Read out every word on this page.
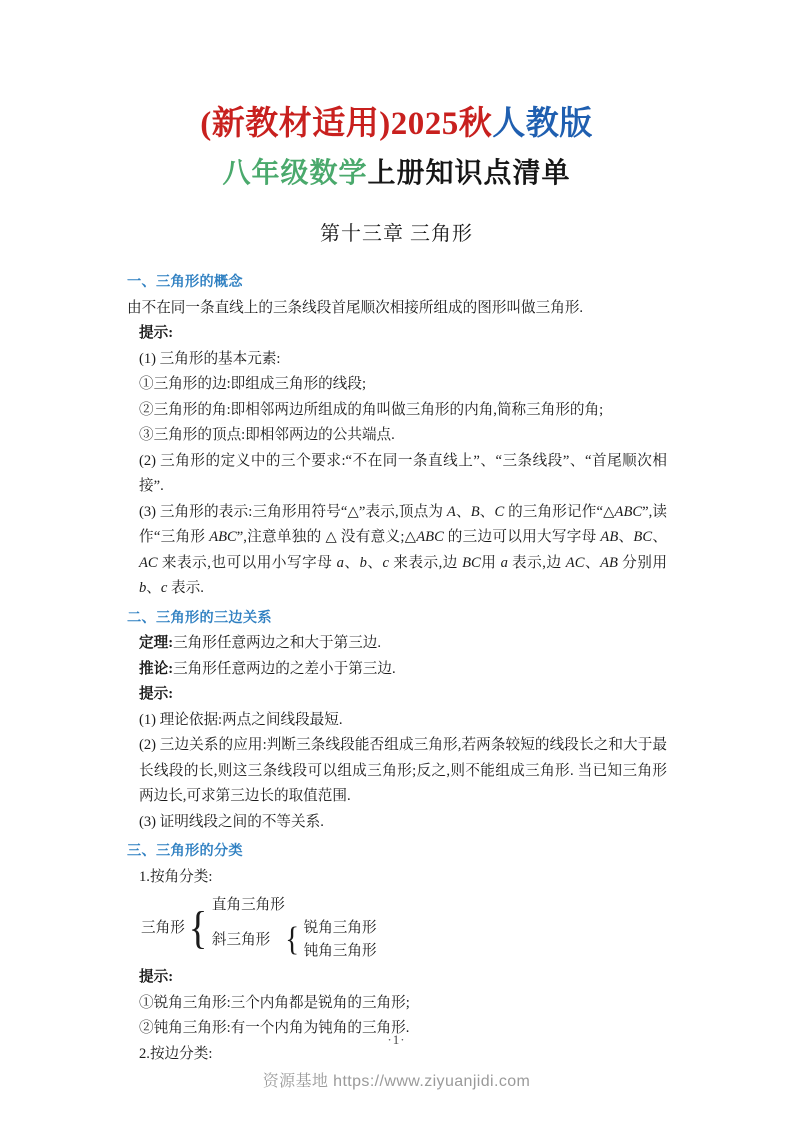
(新教材适用)2025秋人教版
八年级数学上册知识点清单
第十三章 三角形
一、三角形的概念

由不在同一条直线上的三条线段首尾顺次相接所组成的图形叫做三角形.

提示:

(1) 三角形的基本元素:

①三角形的边:即组成三角形的线段;

②三角形的角:即相邻两边所组成的角叫做三角形的内角,简称三角形的角;

③三角形的顶点:即相邻两边的公共端点.

(2) 三角形的定义中的三个要求:“不在同一条直线上”、“三条线段”、“首尾顺次相接”.

(3) 三角形的表示:三角形用符号“△”表示,顶点为 A、B、C 的三角形记作“△ABC”,读作“三角形 ABC”,注意单独的 △ 没有意义;△ABC 的三边可以用大写字母 AB、BC、AC 来表示,也可以用小写字母 a、b、c 来表示,边 BC用 a 表示,边 AC、AB 分别用 b、c 表示.

二、三角形的三边关系

定理:三角形任意两边之和大于第三边.

推论:三角形任意两边的之差小于第三边.

提示:

(1) 理论依据:两点之间线段最短.

(2) 三边关系的应用:判断三条线段能否组成三角形,若两条较短的线段长之和大于最长线段的长,则这三条线段可以组成三角形;反之,则不能组成三角形. 当已知三角形两边长,可求第三边长的取值范围.

(3) 证明线段之间的不等关系.

三、三角形的分类

1.按角分类:

三角形 { 直角三角形
斜三角形 { 锐角三角形
钝角三角形

提示:

①锐角三角形:三个内角都是锐角的三角形;

②钝角三角形:有一个内角为钝角的三角形.

2.按边分类:

·1·
资源基地 https://www.ziyuanjidi.com
